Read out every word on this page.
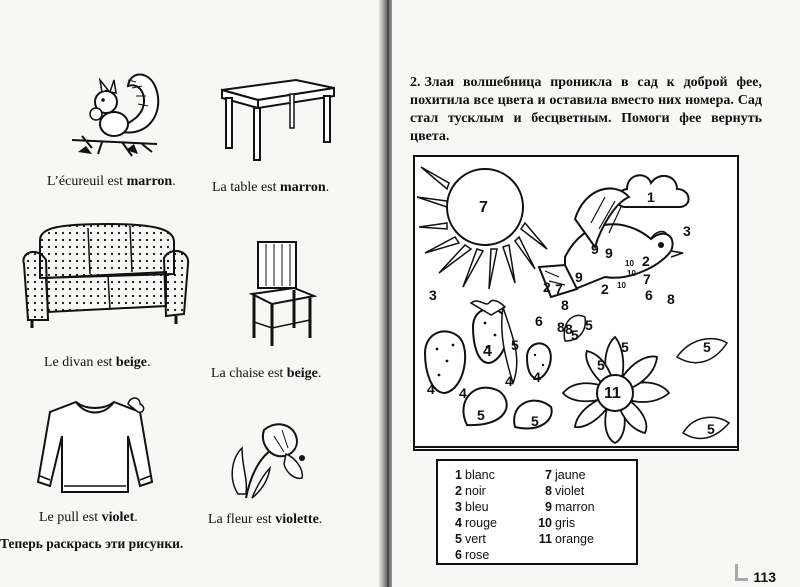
L’écureuil est marron.	La table est marron.
Le divan est beige.
La chaise est beige.
Le pull est violet.	La fleur est violette.
Теперь раскрась эти рисунки.
2. Злая волшебница проникла в сад к доброй фее, похитила все цвета и оставила вместо них номера. Сад стал тусклым и бесцветным. Помоги фее вернуть цвета.
7
1
3
3
9 9
9
10
10
2
10
2
7
8
6
2 7
8
8
6
4
4
4
4
4
5	5
5
5
5	5
5
5
5
8
11
1 blanc
2 noir
3 bleu
4 rouge
5 vert
6 rose
7 jaune
8 violet
9 marron
10 gris
11 orange
113
